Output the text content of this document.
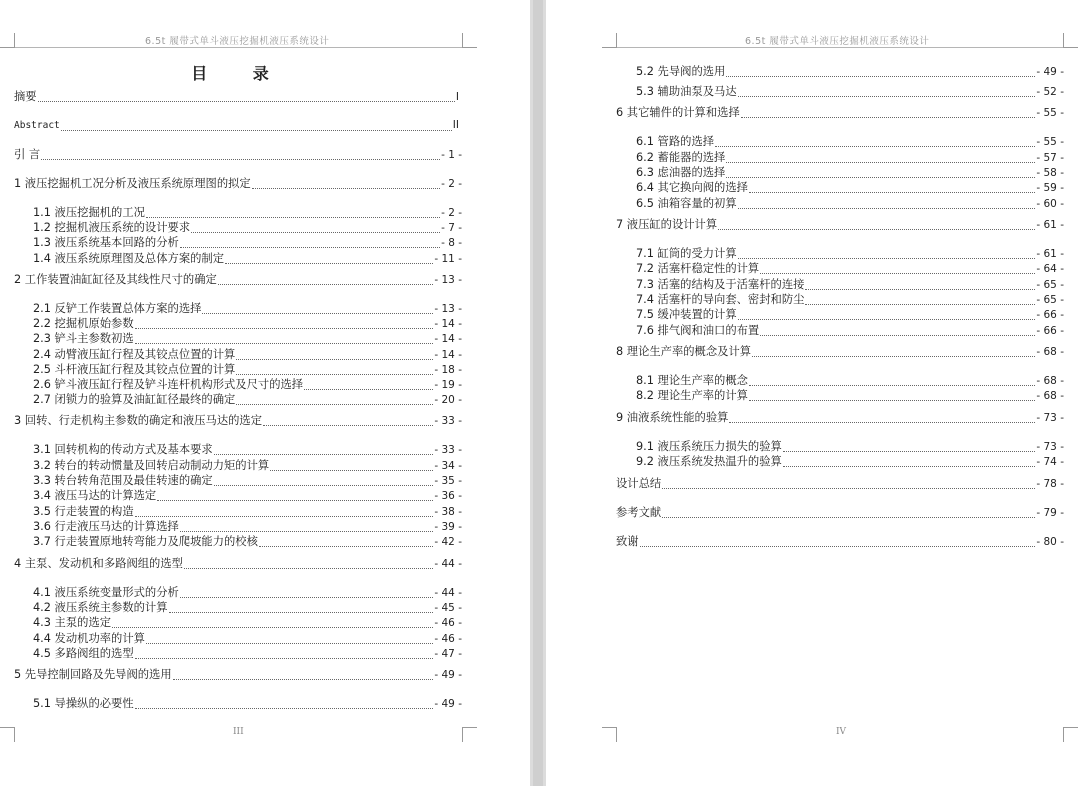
6.5t 履带式单斗液压挖掘机液压系统设计
目 录
摘要	I
Abstract	II
引 言	- 1 -
1 液压挖掘机工况分析及液压系统原理图的拟定	- 2 -
1.1 液压挖掘机的工况	- 2 -
1.2 挖掘机液压系统的设计要求	- 7 -
1.3 液压系统基本回路的分析	- 8 -
1.4 液压系统原理图及总体方案的制定	- 11 -
2 工作装置油缸缸径及其线性尺寸的确定	- 13 -
2.1 反铲工作装置总体方案的选择	- 13 -
2.2 挖掘机原始参数	- 14 -
2.3 铲斗主参数初选	- 14 -
2.4 动臂液压缸行程及其铰点位置的计算	- 14 -
2.5 斗杆液压缸行程及其铰点位置的计算	- 18 -
2.6 铲斗液压缸行程及铲斗连杆机构形式及尺寸的选择	- 19 -
2.7 闭锁力的验算及油缸缸径最终的确定	- 20 -
3 回转、行走机构主参数的确定和液压马达的选定	- 33 -
3.1 回转机构的传动方式及基本要求	- 33 -
3.2 转台的转动惯量及回转启动制动力矩的计算	- 34 -
3.3 转台转角范围及最佳转速的确定	- 35 -
3.4 液压马达的计算选定	- 36 -
3.5 行走装置的构造	- 38 -
3.6 行走液压马达的计算选择	- 39 -
3.7 行走装置原地转弯能力及爬坡能力的校核	- 42 -
4 主泵、发动机和多路阀组的选型	- 44 -
4.1 液压系统变量形式的分析	- 44 -
4.2 液压系统主参数的计算	- 45 -
4.3 主泵的选定	- 46 -
4.4 发动机功率的计算	- 46 -
4.5 多路阀组的选型	- 47 -
5 先导控制回路及先导阀的选用	- 49 -
5.1 导操纵的必要性	- 49 -
III
6.5t 履带式单斗液压挖掘机液压系统设计
5.2 先导阀的选用	- 49 -
5.3 辅助油泵及马达	- 52 -
6 其它辅件的计算和选择	- 55 -
6.1 管路的选择	- 55 -
6.2 蓄能器的选择	- 57 -
6.3 虑油器的选择	- 58 -
6.4 其它换向阀的选择	- 59 -
6.5 油箱容量的初算	- 60 -
7 液压缸的设计计算	- 61 -
7.1 缸筒的受力计算	- 61 -
7.2 活塞杆稳定性的计算	- 64 -
7.3 活塞的结构及于活塞杆的连接	- 65 -
7.4 活塞杆的导向套、密封和防尘	- 65 -
7.5 缓冲装置的计算	- 66 -
7.6 排气阀和油口的布置	- 66 -
8 理论生产率的概念及计算	- 68 -
8.1 理论生产率的概念	- 68 -
8.2 理论生产率的计算	- 68 -
9 油液系统性能的验算	- 73 -
9.1 液压系统压力损失的验算	- 73 -
9.2 液压系统发热温升的验算	- 74 -
设计总结	- 78 -
参考文献	- 79 -
致谢	- 80 -
IV
